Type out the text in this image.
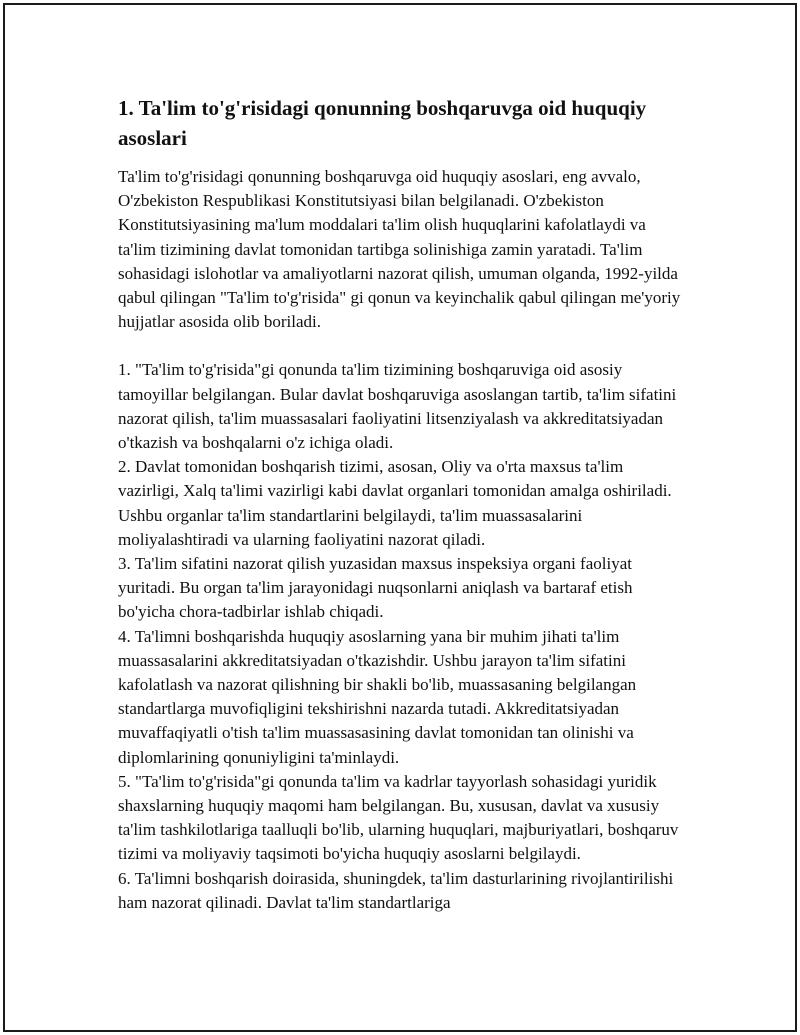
1. Ta'lim to'g'risidagi qonunning boshqaruvga oid huquqiy asoslari

Ta'lim to'g'risidagi qonunning boshqaruvga oid huquqiy asoslari, eng avvalo, O'zbekiston Respublikasi Konstitutsiyasi bilan belgilanadi. O'zbekiston Konstitutsiyasining ma'lum moddalari ta'lim olish huquqlarini kafolatlaydi va ta'lim tizimining davlat tomonidan tartibga solinishiga zamin yaratadi. Ta'lim sohasidagi islohotlar va amaliyotlarni nazorat qilish, umuman olganda, 1992-yilda qabul qilingan "Ta'lim to'g'risida" gi qonun va keyinchalik qabul qilingan me'yoriy hujjatlar asosida olib boriladi.

1. "Ta'lim to'g'risida"gi qonunda ta'lim tizimining boshqaruviga oid asosiy tamoyillar belgilangan. Bular davlat boshqaruviga asoslangan tartib, ta'lim sifatini nazorat qilish, ta'lim muassasalari faoliyatini litsenziyalash va akkreditatsiyadan o'tkazish va boshqalarni o'z ichiga oladi.

2. Davlat tomonidan boshqarish tizimi, asosan, Oliy va o'rta maxsus ta'lim vazirligi, Xalq ta'limi vazirligi kabi davlat organlari tomonidan amalga oshiriladi. Ushbu organlar ta'lim standartlarini belgilaydi, ta'lim muassasalarini moliyalashtiradi va ularning faoliyatini nazorat qiladi.

3. Ta'lim sifatini nazorat qilish yuzasidan maxsus inspeksiya organi faoliyat yuritadi. Bu organ ta'lim jarayonidagi nuqsonlarni aniqlash va bartaraf etish bo'yicha chora-tadbirlar ishlab chiqadi.

4. Ta'limni boshqarishda huquqiy asoslarning yana bir muhim jihati ta'lim muassasalarini akkreditatsiyadan o'tkazishdir. Ushbu jarayon ta'lim sifatini kafolatlash va nazorat qilishning bir shakli bo'lib, muassasaning belgilangan standartlarga muvofiqligini tekshirishni nazarda tutadi. Akkreditatsiyadan muvaffaqiyatli o'tish ta'lim muassasasining davlat tomonidan tan olinishi va diplomlarining qonuniyligini ta'minlaydi.

5. "Ta'lim to'g'risida"gi qonunda ta'lim va kadrlar tayyorlash sohasidagi yuridik shaxslarning huquqiy maqomi ham belgilangan. Bu, xususan, davlat va xususiy ta'lim tashkilotlariga taalluqli bo'lib, ularning huquqlari, majburiyatlari, boshqaruv tizimi va moliyaviy taqsimoti bo'yicha huquqiy asoslarni belgilaydi.

6. Ta'limni boshqarish doirasida, shuningdek, ta'lim dasturlarining rivojlantirilishi ham nazorat qilinadi. Davlat ta'lim standartlariga
